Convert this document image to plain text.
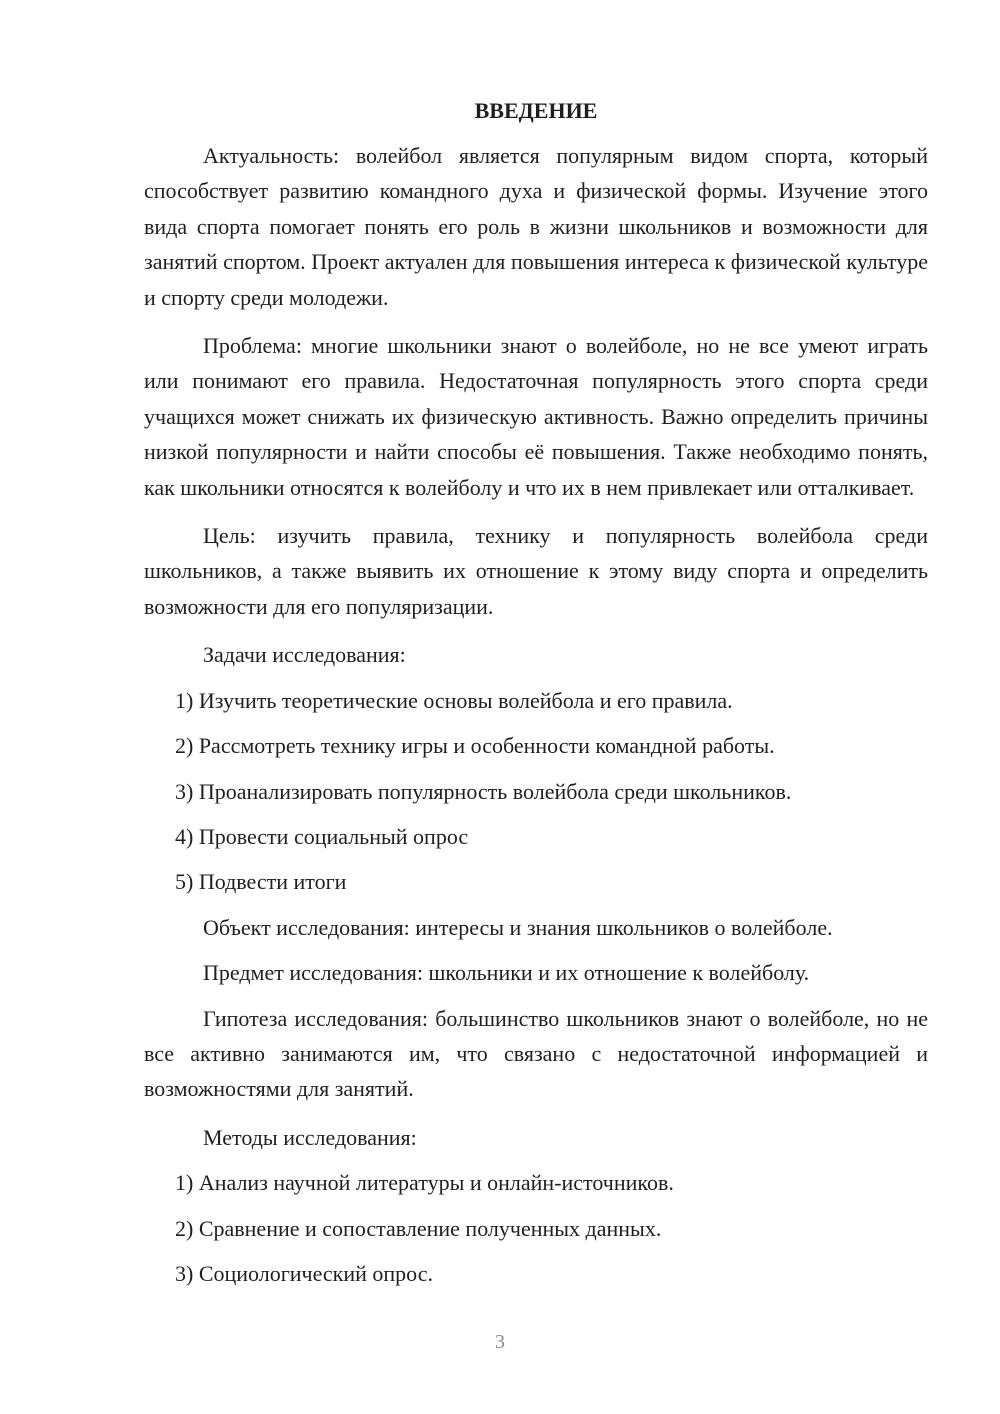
ВВЕДЕНИЕ

Актуальность: волейбол является популярным видом спорта, который способствует развитию командного духа и физической формы. Изучение этого вида спорта помогает понять его роль в жизни школьников и возможности для занятий спортом. Проект актуален для повышения интереса к физической культуре и спорту среди молодежи.

Проблема: многие школьники знают о волейболе, но не все умеют играть или понимают его правила. Недостаточная популярность этого спорта среди учащихся может снижать их физическую активность. Важно определить причины низкой популярности и найти способы её повышения. Также необходимо понять, как школьники относятся к волейболу и что их в нем привлекает или отталкивает.

Цель: изучить правила, технику и популярность волейбола среди школьников, а также выявить их отношение к этому виду спорта и определить возможности для его популяризации.

Задачи исследования:
1) Изучить теоретические основы волейбола и его правила.
2) Рассмотреть технику игры и особенности командной работы.
3) Проанализировать популярность волейбола среди школьников.
4) Провести социальный опрос
5) Подвести итоги
Объект исследования: интересы и знания школьников о волейболе.
Предмет исследования: школьники и их отношение к волейболу.

Гипотеза исследования: большинство школьников знают о волейболе, но не все активно занимаются им, что связано с недостаточной информацией и возможностями для занятий.

Методы исследования:
1) Анализ научной литературы и онлайн-источников.
2) Сравнение и сопоставление полученных данных.
3) Социологический опрос.
3
